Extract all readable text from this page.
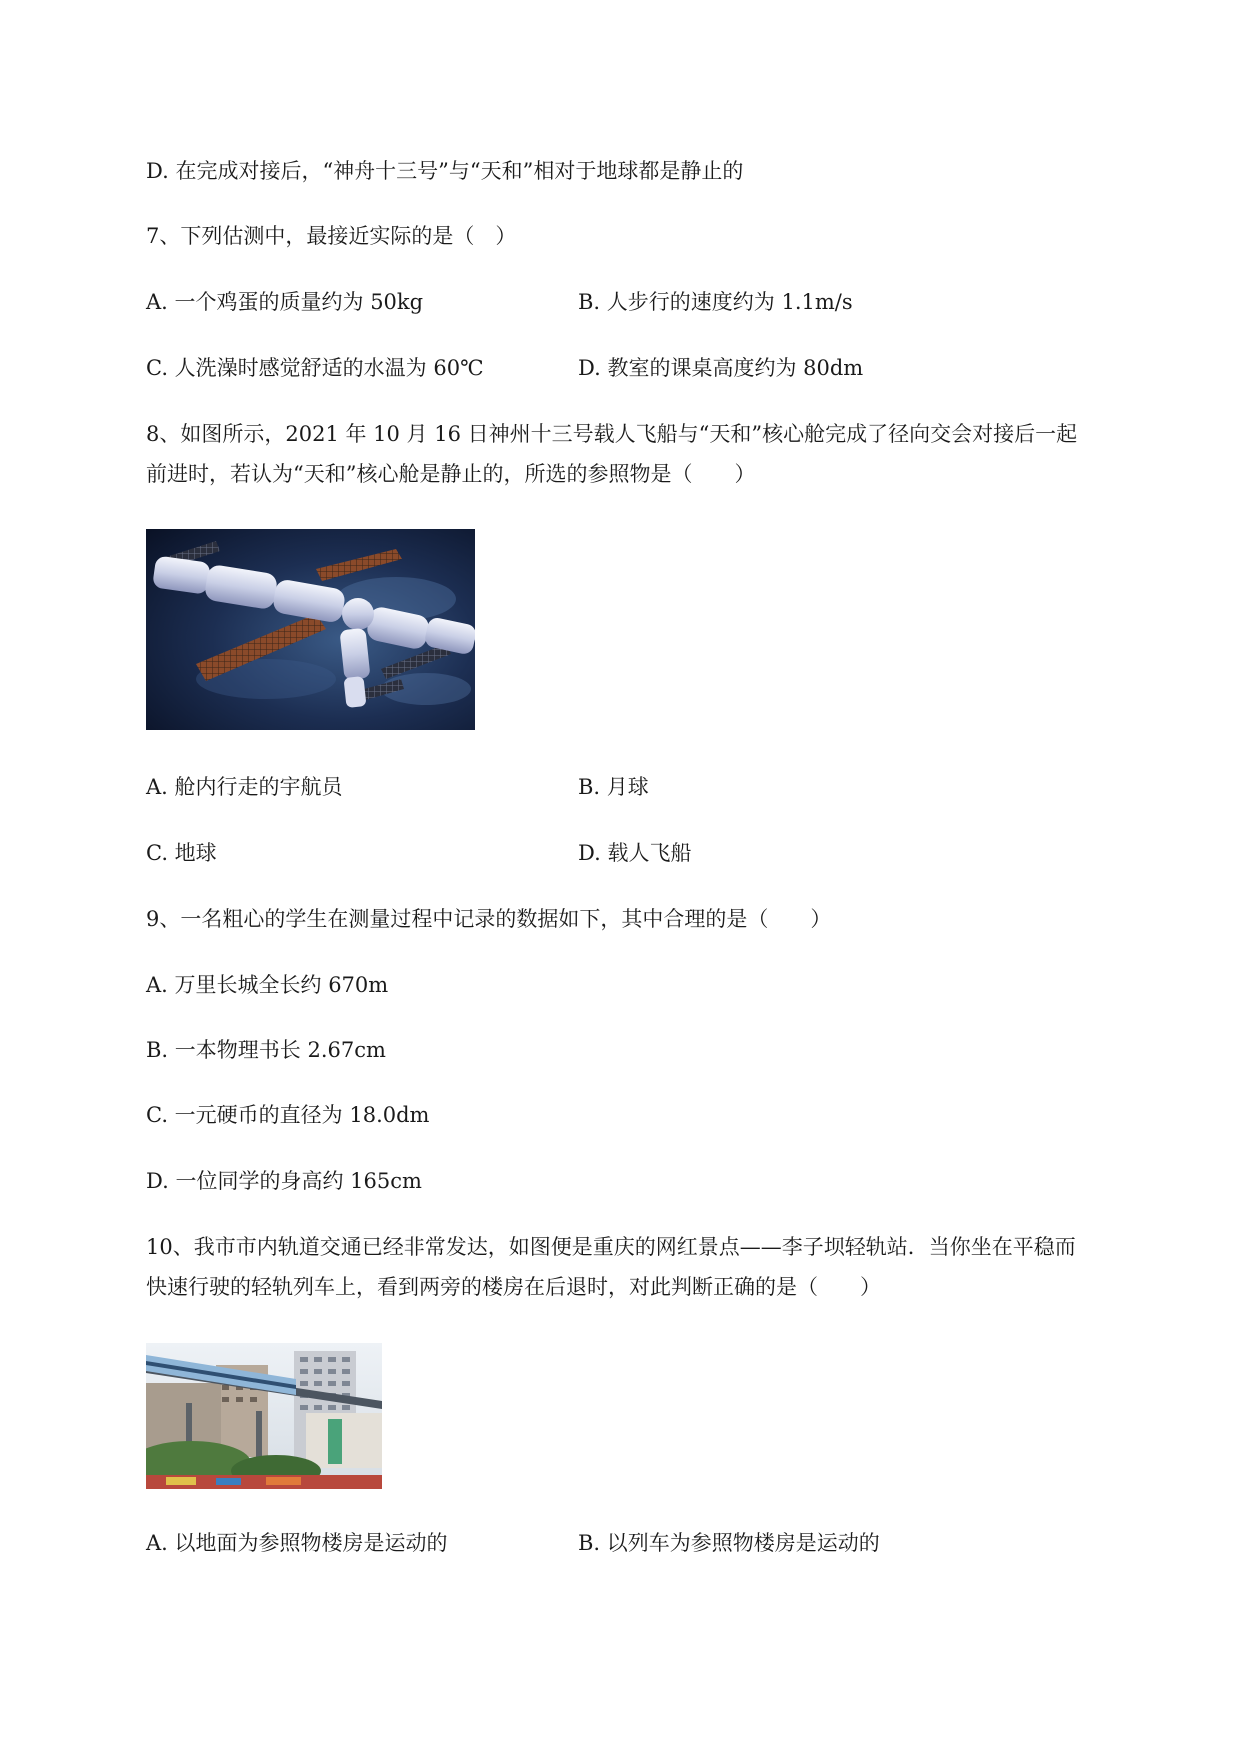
D. 在完成对接后，“神舟十三号”与“天和”相对于地球都是静止的
7、下列估测中，最接近实际的是（　）
A. 一个鸡蛋的质量约为 50kg	B. 人步行的速度约为 1.1m/s
C. 人洗澡时感觉舒适的水温为 60℃	D. 教室的课桌高度约为 80dm
8、如图所示，2021 年 10 月 16 日神州十三号载人飞船与“天和”核心舱完成了径向交会对接后一起
前进时，若认为“天和”核心舱是静止的，所选的参照物是（　　）
A. 舱内行走的宇航员	B. 月球
C. 地球	D. 载人飞船
9、一名粗心的学生在测量过程中记录的数据如下，其中合理的是（　　）
A. 万里长城全长约 670m
B. 一本物理书长 2.67cm
C. 一元硬币的直径为 18.0dm
D. 一位同学的身高约 165cm
10、我市市内轨道交通已经非常发达，如图便是重庆的网红景点——李子坝轻轨站．当你坐在平稳而
快速行驶的轻轨列车上，看到两旁的楼房在后退时，对此判断正确的是（　　）
A. 以地面为参照物楼房是运动的	B. 以列车为参照物楼房是运动的
